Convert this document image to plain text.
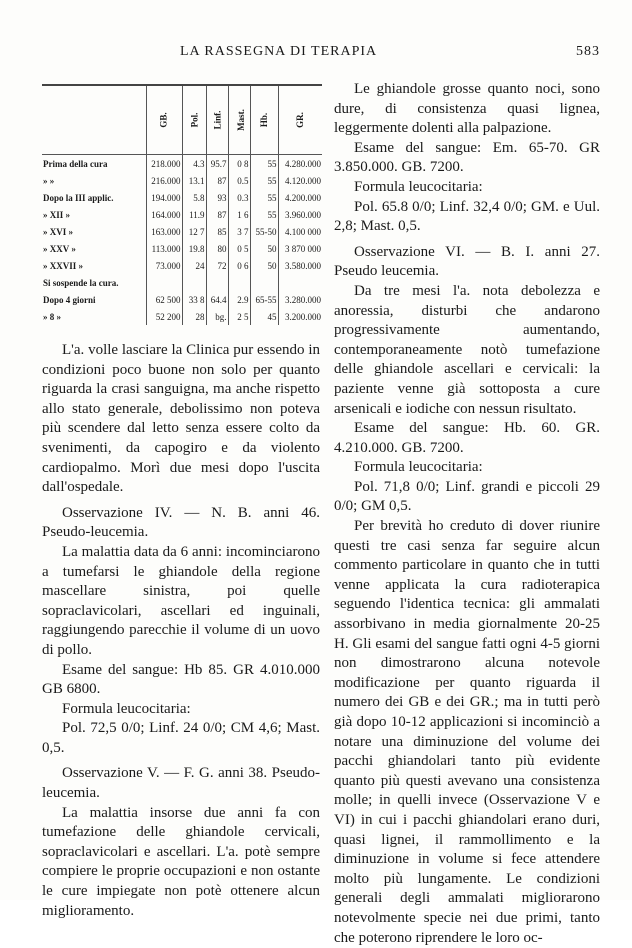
LA RASSEGNA DI TERAPIA	583
	GB.	Pol.	Linf.	Mast.	Hb.	GR.
Prima della cura	218.000	4.3	95.7	0 8	55	4.280.000
» »	216.000	13.1	87	0.5	55	4.120.000
Dopo la III applic.	194.000	5.8	93	0.3	55	4.200.000
» XII »	164.000	11.9	87	1 6	55	3.960.000
» XVI »	163.000	12 7	85	3 7	55-50	4.100 000
» XXV »	113.000	19.8	80	0 5	50	3 870 000
» XXVII »	73.000	24	72	0 6	50	3.580.000
Si sospende la cura.						
Dopo 4 giorni	62 500	33 8	64.4	2.9	65-55	3.280.000
» 8 »	52 200	28	bg.	2 5	45	3.200.000

L'a. volle lasciare la Clinica pur essendo in condizioni poco buone non solo per quanto riguarda la crasi sanguigna, ma anche rispetto allo stato generale, debolissimo non poteva più scendere dal letto senza essere colto da svenimenti, da capogiro e da violento cardiopalmo. Morì due mesi dopo l'uscita dall'ospedale.

Osservazione IV. — N. B. anni 46. Pseudo-leucemia.

La malattia data da 6 anni: incominciarono a tumefarsi le ghiandole della regione mascellare sinistra, poi quelle sopraclavicolari, ascellari ed inguinali, raggiungendo parecchie il volume di un uovo di pollo.

Esame del sangue: Hb 85. GR 4.010.000 GB 6800.

Formula leucocitaria:

Pol. 72,5 0/0; Linf. 24 0/0; CM 4,6; Mast. 0,5.

Osservazione V. — F. G. anni 38. Pseudo-leucemia.

La malattia insorse due anni fa con tumefazione delle ghiandole cervicali, sopraclavicolari e ascellari. L'a. potè sempre compiere le proprie occupazioni e non ostante le cure impiegate non potè ottenere alcun miglioramento.

Le ghiandole grosse quanto noci, sono dure, di consistenza quasi lignea, leggermente dolenti alla palpazione.

Esame del sangue: Em. 65-70. GR 3.850.000. GB. 7200.

Formula leucocitaria:

Pol. 65.8 0/0; Linf. 32,4 0/0; GM. e Uul. 2,8; Mast. 0,5.

Osservazione VI. — B. I. anni 27. Pseudo leucemia.

Da tre mesi l'a. nota debolezza e anoressia, disturbi che andarono progressivamente aumentando, contemporaneamente notò tumefazione delle ghiandole ascellari e cervicali: la paziente venne già sottoposta a cure arsenicali e iodiche con nessun risultato.

Esame del sangue: Hb. 60. GR. 4.210.000. GB. 7200.

Formula leucocitaria:

Pol. 71,8 0/0; Linf. grandi e piccoli 29 0/0; GM 0,5.

Per brevità ho creduto di dover riunire questi tre casi senza far seguire alcun commento particolare in quanto che in tutti venne applicata la cura radioterapica seguendo l'identica tecnica: gli ammalati assorbivano in media giornalmente 20-25 H. Gli esami del sangue fatti ogni 4-5 giorni non dimostrarono alcuna notevole modificazione per quanto riguarda il numero dei GB e dei GR.; ma in tutti però già dopo 10-12 applicazioni si incominciò a notare una diminuzione del volume dei pacchi ghiandolari tanto più evidente quanto più questi avevano una consistenza molle; in quelli invece (Osservazione V e VI) in cui i pacchi ghiandolari erano duri, quasi lignei, il rammollimento e la diminuzione in volume si fece attendere molto più lungamente. Le condizioni generali degli ammalati migliorarono notevolmente specie nei due primi, tanto che poterono riprendere le loro oc-
